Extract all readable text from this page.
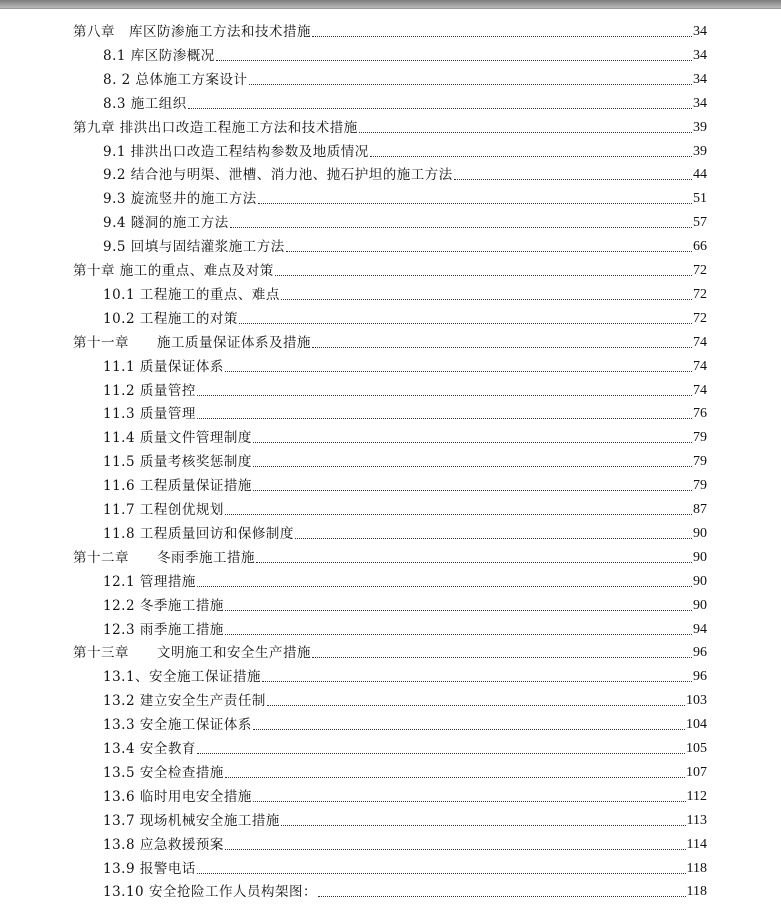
第八章　库区防渗施工方法和技术措施	34
8.1 库区防渗概况	34
8. 2 总体施工方案设计	34
8.3 施工组织	34
第九章 排洪出口改造工程施工方法和技术措施	39
9.1 排洪出口改造工程结构参数及地质情况	39
9.2 结合池与明渠、泄槽、消力池、抛石护坦的施工方法	44
9.3 旋流竖井的施工方法	51
9.4 隧洞的施工方法	57
9.5 回填与固结灌浆施工方法	66
第十章 施工的重点、难点及对策	72
10.1 工程施工的重点、难点	72
10.2 工程施工的对策	72
第十一章　　施工质量保证体系及措施	74
11.1 质量保证体系	74
11.2 质量管控	74
11.3 质量管理	76
11.4 质量文件管理制度	79
11.5 质量考核奖惩制度	79
11.6 工程质量保证措施	79
11.7 工程创优规划	87
11.8 工程质量回访和保修制度	90
第十二章　　冬雨季施工措施	90
12.1 管理措施	90
12.2 冬季施工措施	90
12.3 雨季施工措施	94
第十三章　　文明施工和安全生产措施	96
13.1、安全施工保证措施	96
13.2 建立安全生产责任制	103
13.3 安全施工保证体系	104
13.4 安全教育	105
13.5 安全检查措施	107
13.6 临时用电安全措施	112
13.7 现场机械安全施工措施	113
13.8 应急救援预案	114
13.9 报警电话	118
13.10 安全抢险工作人员构架图：	118
